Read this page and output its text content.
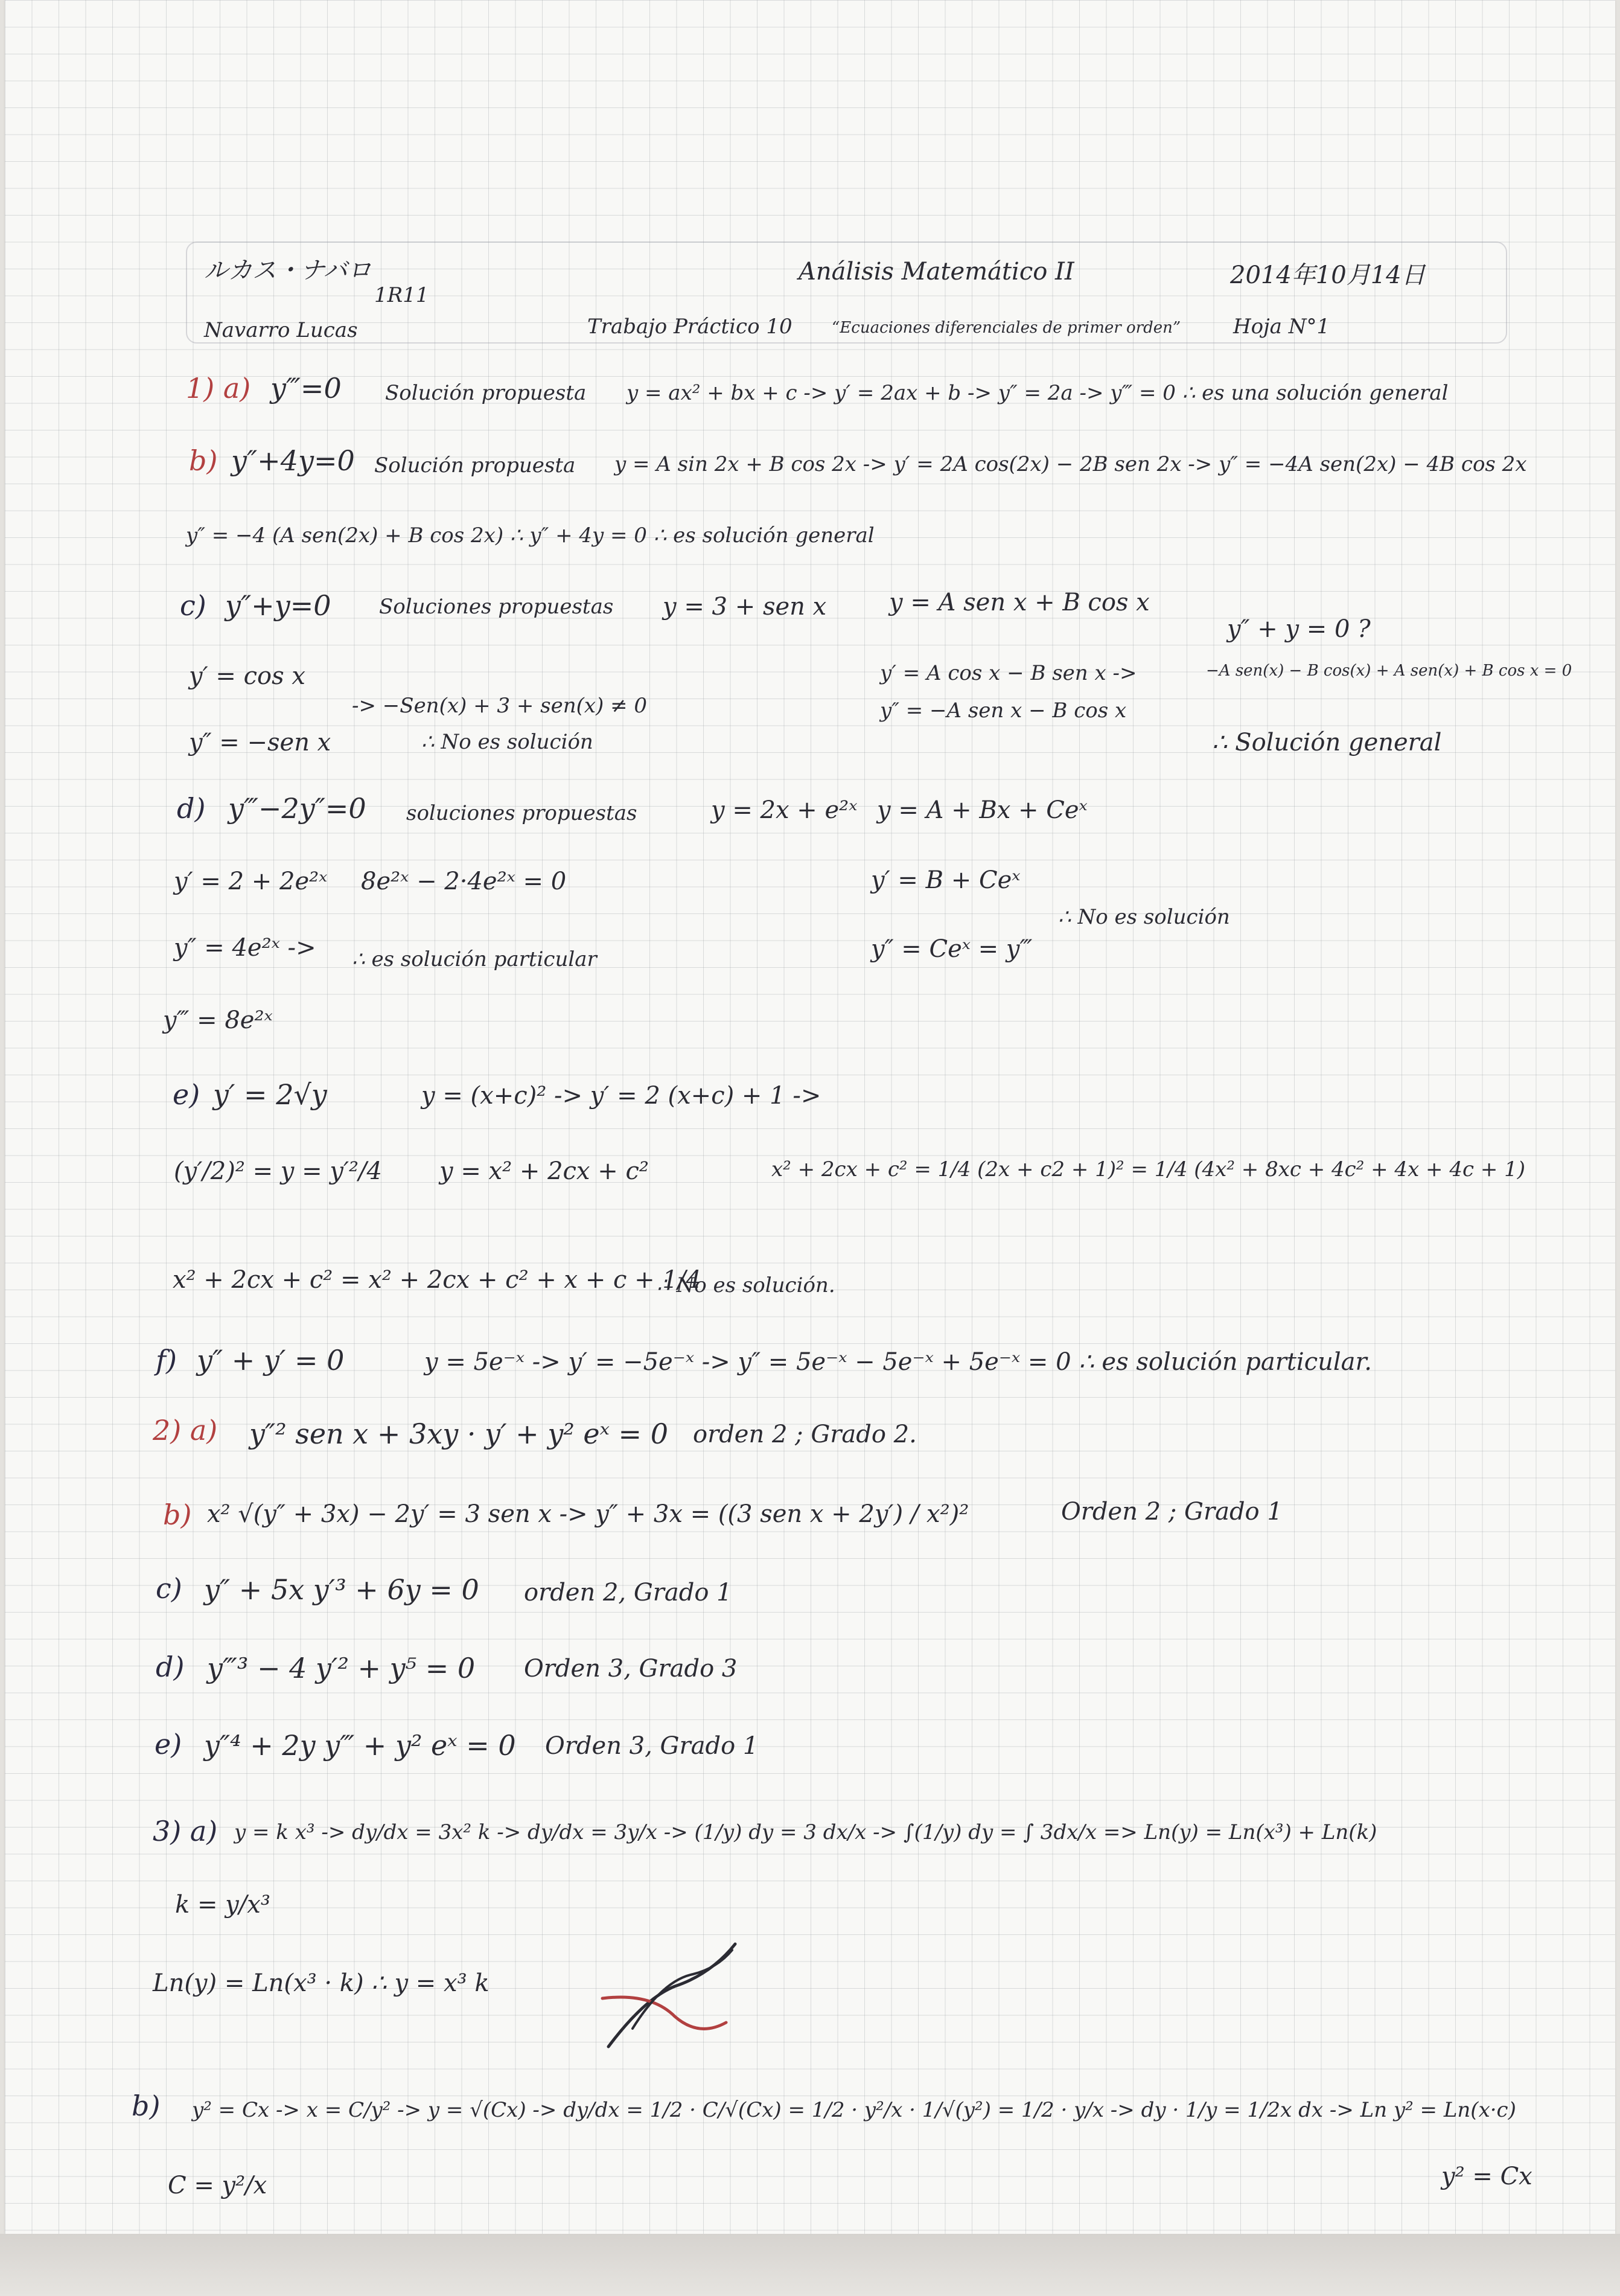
ルカス・ナバロ
1R11
Análisis Matemático II	2014年10月14日
Navarro Lucas	Trabajo Práctico 10	“Ecuaciones diferenciales de primer orden”	Hoja N°1
1) a) y‴=0 Solución propuesta y = ax² + bx + c -> y′ = 2ax + b -> y″ = 2a -> y‴ = 0 ∴ es una solución general
b) y″+4y=0 Solución propuesta y = A sin 2x + B cos 2x -> y′ = 2A cos(2x) − 2B sen 2x -> y″ = −4A sen(2x) − 4B cos 2x
y″ = −4 (A sen(2x) + B cos 2x) ∴ y″ + 4y = 0 ∴ es solución general
c) y″+y=0 Soluciones propuestas y = 3 + sen x	y = A sen x + B cos x
y″ + y = 0 ?
y′ = cos x
-> −Sen(x) + 3 + sen(x) ≠ 0
y″ = −sen x	∴ No es solución
y′ = A cos x − B sen x ->
y″ = −A sen x − B cos x
−A sen(x) − B cos(x) + A sen(x) + B cos x = 0
∴ Solución general
d) y‴−2y″=0 soluciones propuestas	y = 2x + e²ˣ y = A + Bx + Ceˣ
y′ = 2 + 2e²ˣ 8e²ˣ − 2·4e²ˣ = 0
y″ = 4e²ˣ -> ∴ es solución particular
y‴ = 8e²ˣ
y′ = B + Ceˣ
∴ No es solución
y″ = Ceˣ = y‴
e) y′ = 2√y	y = (x+c)² -> y′ = 2 (x+c) + 1 ->
(y′/2)² = y = y′²/4 y = x² + 2cx + c²	x² + 2cx + c² = 1/4 (2x + c2 + 1)² = 1/4 (4x² + 8xc + 4c² + 4x + 4c + 1)
x² + 2cx + c² = x² + 2cx + c² + x + c + 1/4
∴ No es solución.
f) y″ + y′ = 0	y = 5e⁻ˣ -> y′ = −5e⁻ˣ -> y″ = 5e⁻ˣ − 5e⁻ˣ + 5e⁻ˣ = 0 ∴ es solución particular.
2) a) y″² sen x + 3xy · y′ + y² eˣ = 0 orden 2 ; Grado 2.
b) x² √(y″ + 3x) − 2y′ = 3 sen x -> y″ + 3x = ((3 sen x + 2y′) / x²)²	Orden 2 ; Grado 1
c) y″ + 5x y′³ + 6y = 0 orden 2, Grado 1
d) y‴³ − 4 y′² + y⁵ = 0 Orden 3, Grado 3
e) y″⁴ + 2y y‴ + y² eˣ = 0 Orden 3, Grado 1
3) a) y = k x³ -> dy/dx = 3x² k -> dy/dx = 3y/x -> (1/y) dy = 3 dx/x -> ∫(1/y) dy = ∫ 3dx/x => Ln(y) = Ln(x³) + Ln(k)
k = y/x³
Ln(y) = Ln(x³ · k) ∴ y = x³ k
b) y² = Cx -> x = C/y² -> y = √(Cx) -> dy/dx = 1/2 · C/√(Cx) = 1/2 · y²/x · 1/√(y²) = 1/2 · y/x -> dy · 1/y = 1/2x dx -> Ln y² = Ln(x·c)
C = y²/x	y² = Cx
